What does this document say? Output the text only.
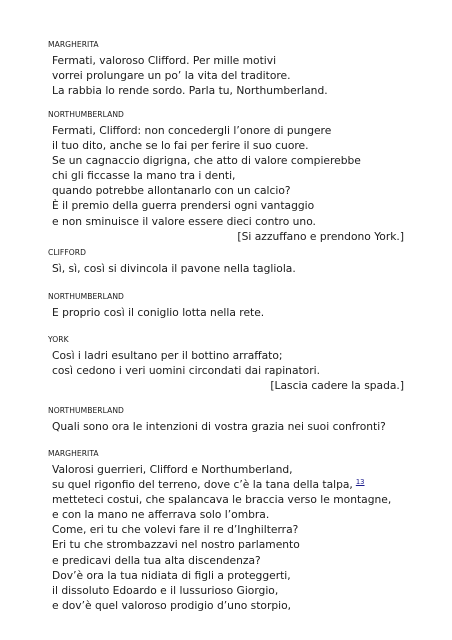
MARGHERITA
Fermati, valoroso Clifford. Per mille motivi
vorrei prolungare un po’ la vita del traditore.
La rabbia lo rende sordo. Parla tu, Northumberland.
NORTHUMBERLAND
Fermati, Clifford: non concedergli l’onore di pungere
il tuo dito, anche se lo fai per ferire il suo cuore.
Se un cagnaccio digrigna, che atto di valore compierebbe
chi gli ficcasse la mano tra i denti,
quando potrebbe allontanarlo con un calcio?
È il premio della guerra prendersi ogni vantaggio
e non sminuisce il valore essere dieci contro uno.
[Si azzuffano e prendono York.]
CLIFFORD
Sì, sì, così si divincola il pavone nella tagliola.
NORTHUMBERLAND
E proprio così il coniglio lotta nella rete.
YORK
Così i ladri esultano per il bottino arraffato;
così cedono i veri uomini circondati dai rapinatori.
[Lascia cadere la spada.]
NORTHUMBERLAND
Quali sono ora le intenzioni di vostra grazia nei suoi confronti?
MARGHERITA
Valorosi guerrieri, Clifford e Northumberland,
su quel rigonfio del terreno, dove c’è la tana della talpa, $^{13}$
metteteci costui, che spalancava le braccia verso le montagne,
e con la mano ne afferrava solo l’ombra.
Come, eri tu che volevi fare il re d’Inghilterra?
Eri tu che strombazzavi nel nostro parlamento
e predicavi della tua alta discendenza?
Dov’è ora la tua nidiata di figli a proteggerti,
il dissoluto Edoardo e il lussurioso Giorgio,
e dov’è quel valoroso prodigio d’uno storpio,
